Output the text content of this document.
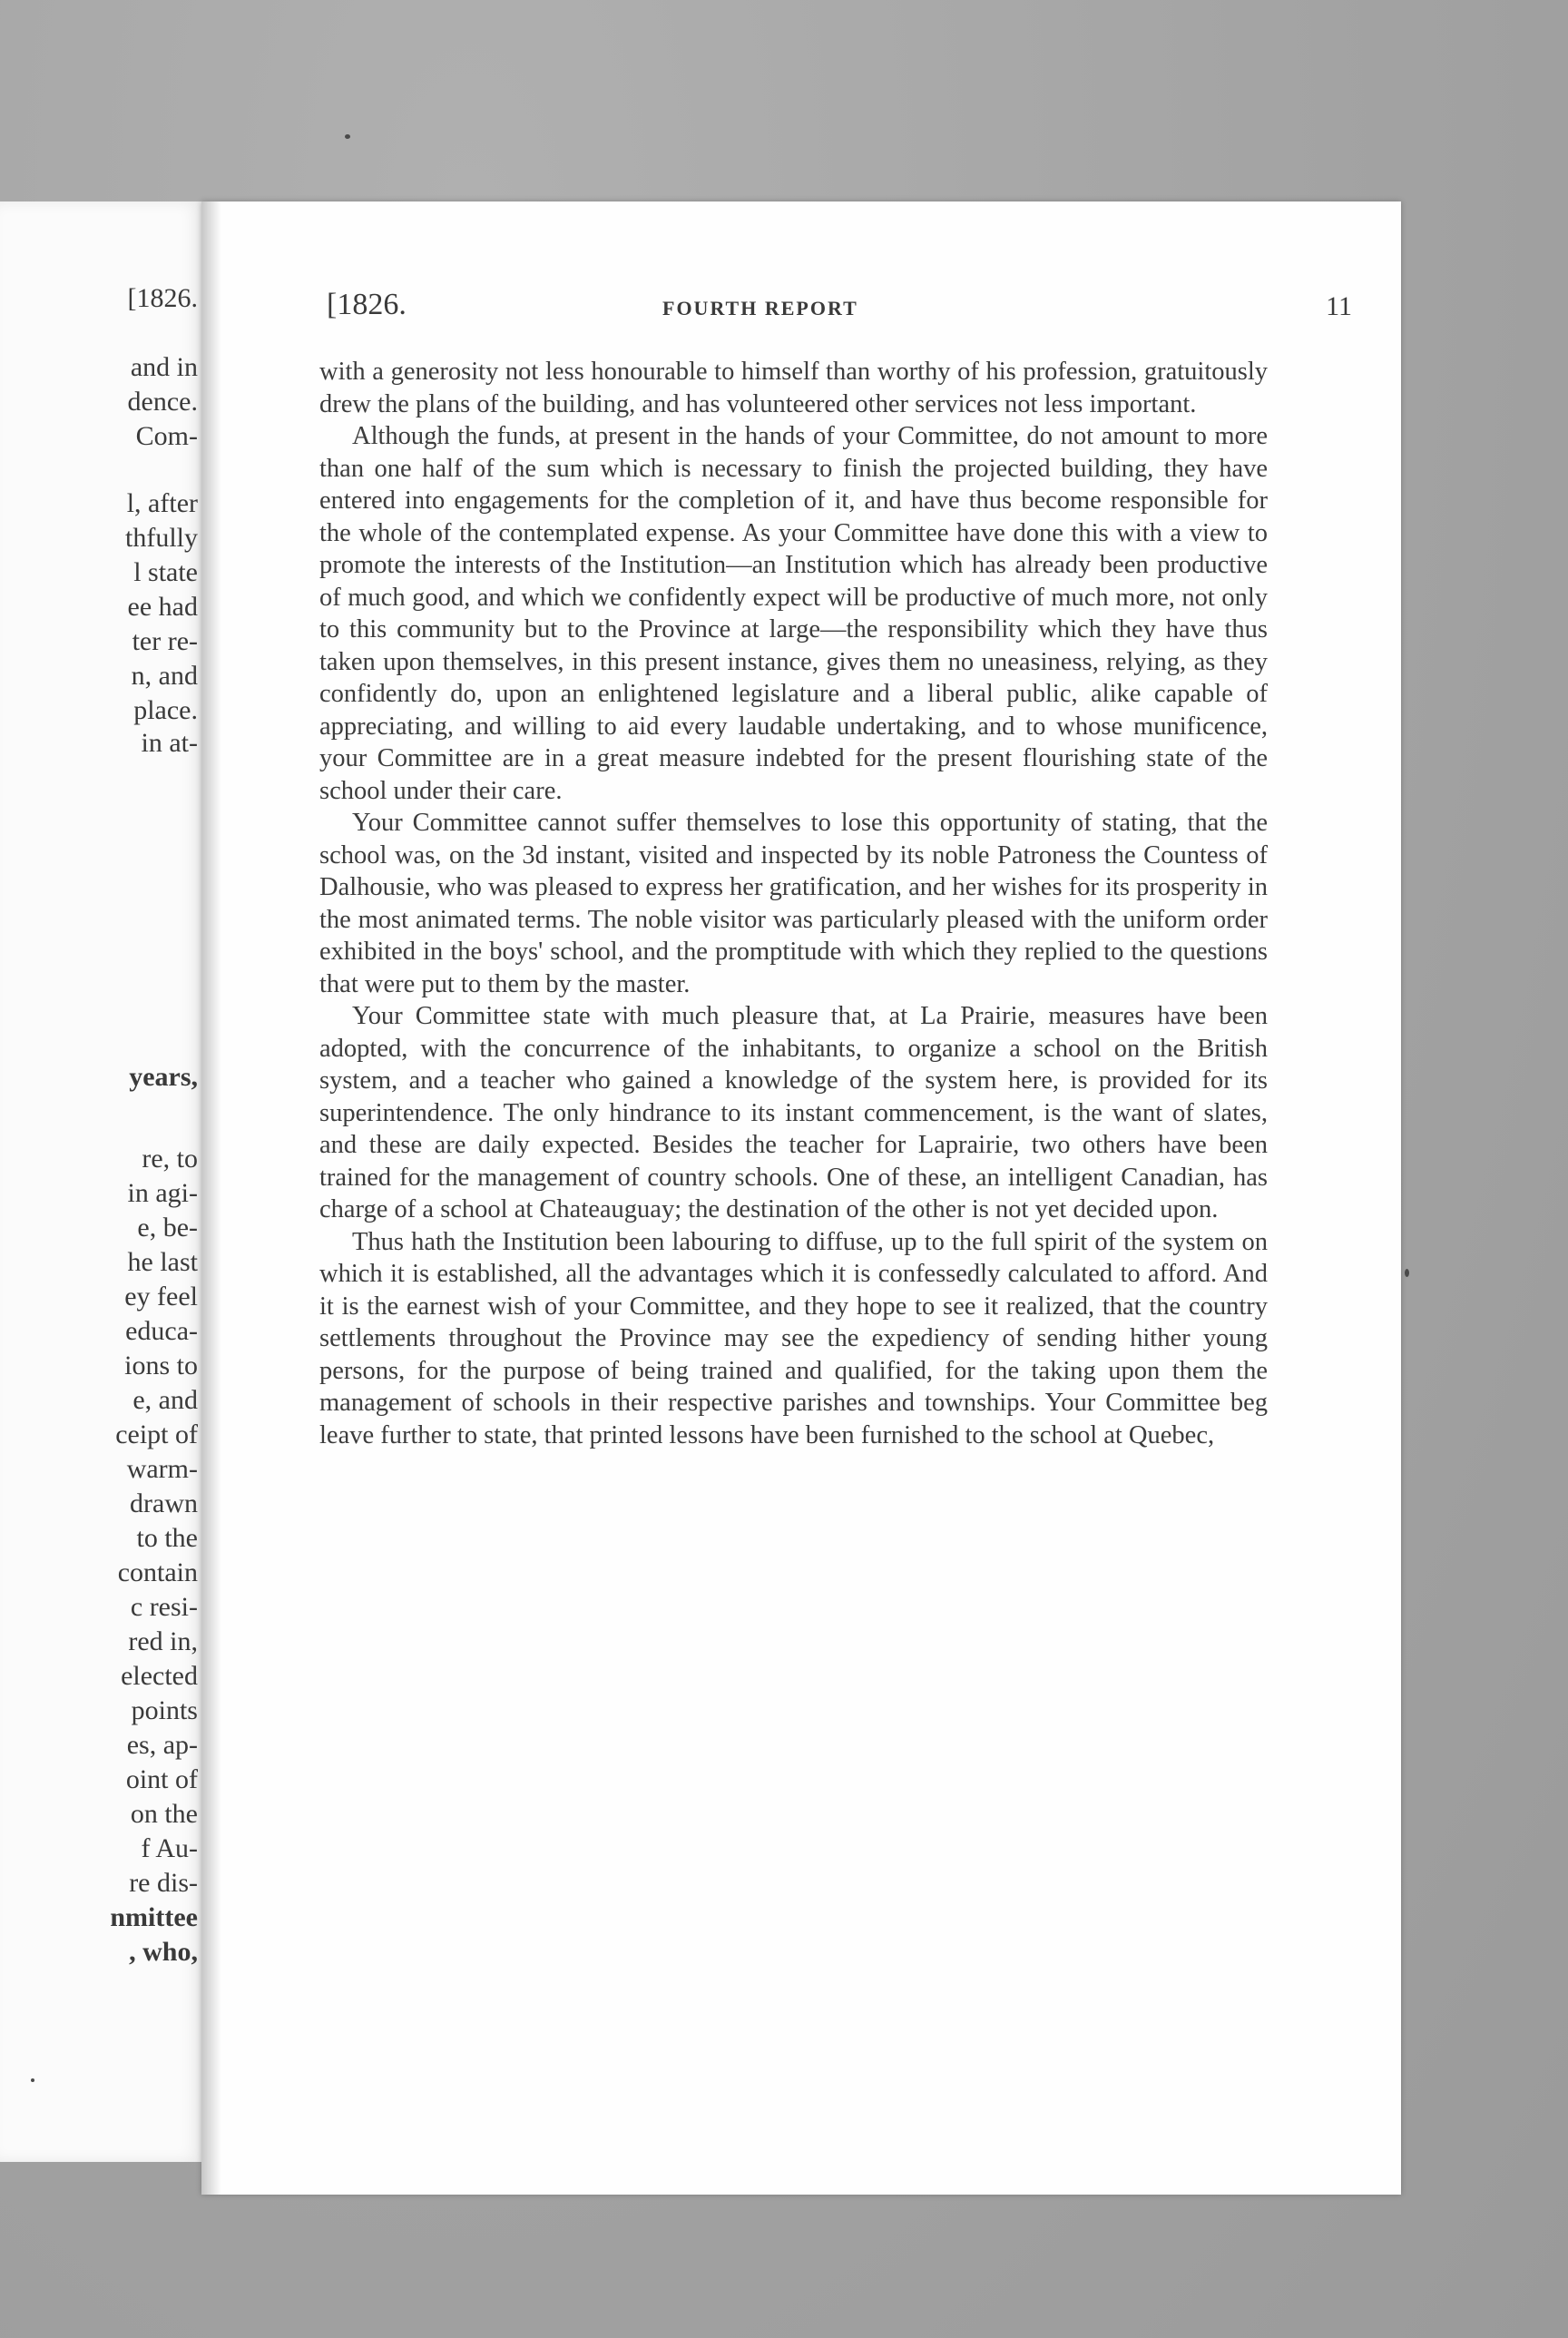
[1826.
and in
dence.
Com-
l, after
thfully
l state
ee had
ter re-
n, and
place.
in at-
years,
re, to
in agi-
e, be-
he last
ey feel
educa-
ions to
e, and
ceipt of
warm-
drawn
to the
contain
c resi-
red in,
elected
points
es, ap-
oint of
on the
f Au-
re dis-
nmittee
, who,
[1826.	FOURTH REPORT	11

with a generosity not less honourable to himself than worthy of his profession, gratuitously drew the plans of the building, and has volunteered other services not less important.

Although the funds, at present in the hands of your Committee, do not amount to more than one half of the sum which is necessary to finish the projected building, they have entered into engagements for the completion of it, and have thus become responsible for the whole of the contemplated expense. As your Committee have done this with a view to promote the interests of the Institution—an Institution which has already been productive of much good, and which we confidently expect will be productive of much more, not only to this community but to the Province at large—the responsibility which they have thus taken upon themselves, in this present instance, gives them no uneasiness, relying, as they confidently do, upon an enlightened legislature and a liberal public, alike capable of appreciating, and willing to aid every laudable undertaking, and to whose munificence, your Committee are in a great measure indebted for the present flourishing state of the school under their care.

Your Committee cannot suffer themselves to lose this opportunity of stating, that the school was, on the 3d instant, visited and inspected by its noble Patroness the Countess of Dalhousie, who was pleased to express her gratification, and her wishes for its prosperity in the most animated terms. The noble visitor was particularly pleased with the uniform order exhibited in the boys' school, and the promptitude with which they replied to the questions that were put to them by the master.

Your Committee state with much pleasure that, at La Prairie, measures have been adopted, with the concurrence of the inhabitants, to organize a school on the British system, and a teacher who gained a knowledge of the system here, is provided for its superintendence. The only hindrance to its instant commencement, is the want of slates, and these are daily expected. Besides the teacher for Laprairie, two others have been trained for the management of country schools. One of these, an intelligent Canadian, has charge of a school at Chateauguay; the destination of the other is not yet decided upon.

Thus hath the Institution been labouring to diffuse, up to the full spirit of the system on which it is established, all the advantages which it is confessedly calculated to afford. And it is the earnest wish of your Committee, and they hope to see it realized, that the country settlements throughout the Province may see the expediency of sending hither young persons, for the purpose of being trained and qualified, for the taking upon them the management of schools in their respective parishes and townships. Your Committee beg leave further to state, that printed lessons have been furnished to the school at Quebec,
